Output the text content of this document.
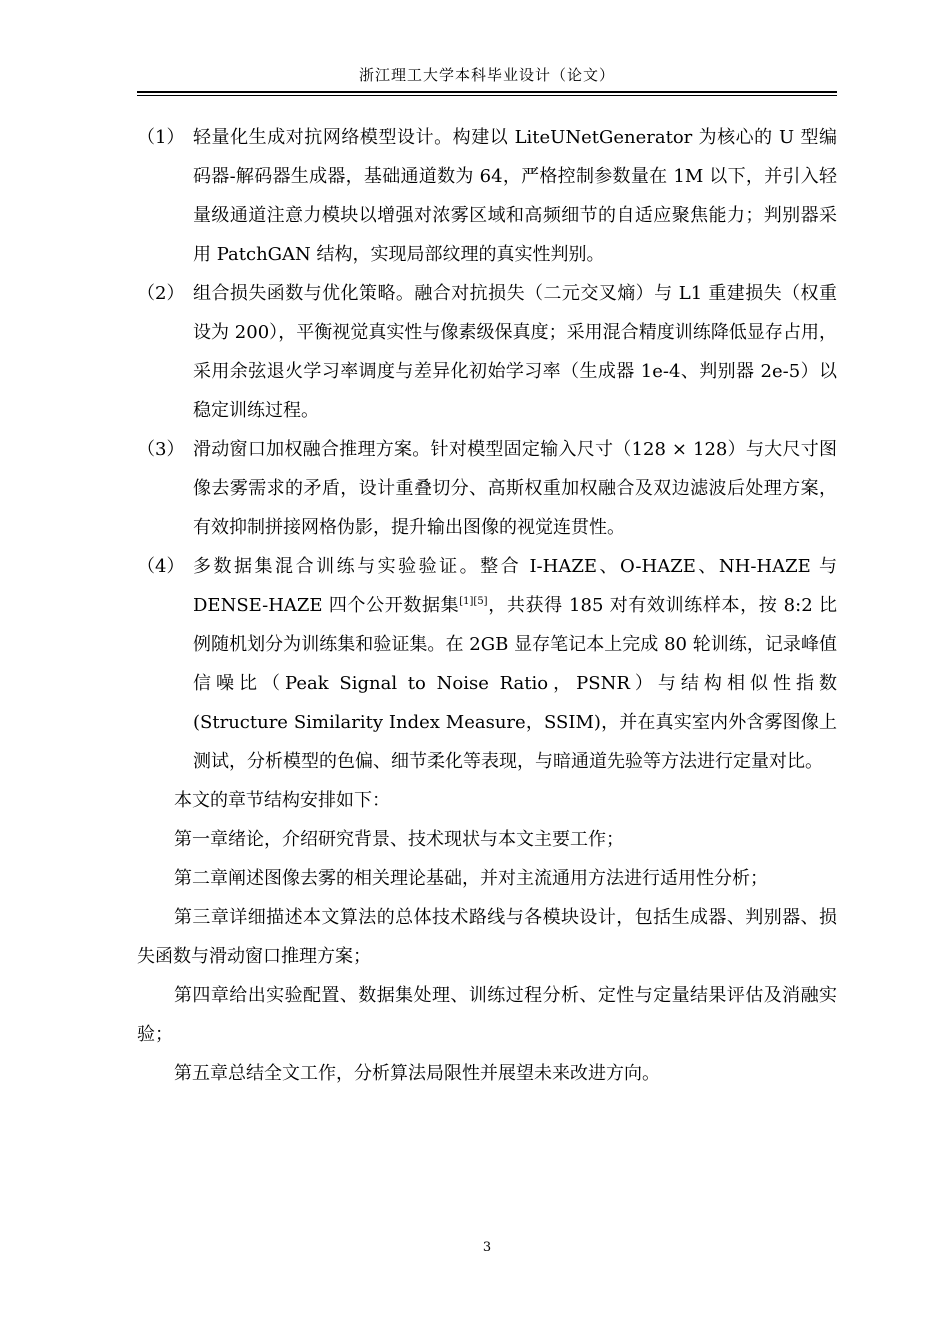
浙江理工大学本科毕业设计（论文）
（1） 轻量化生成对抗网络模型设计。构建以 LiteUNetGenerator 为核心的 U 型编码器-解码器生成器，基础通道数为 64，严格控制参数量在 1M 以下，并引入轻量级通道注意力模块以增强对浓雾区域和高频细节的自适应聚焦能力；判别器采用 PatchGAN 结构，实现局部纹理的真实性判别。
（2） 组合损失函数与优化策略。融合对抗损失（二元交叉熵）与 L1 重建损失（权重设为 200），平衡视觉真实性与像素级保真度；采用混合精度训练降低显存占用，采用余弦退火学习率调度与差异化初始学习率（生成器 1e-4、判别器 2e-5）以稳定训练过程。
（3） 滑动窗口加权融合推理方案。针对模型固定输入尺寸（128 × 128）与大尺寸图像去雾需求的矛盾，设计重叠切分、高斯权重加权融合及双边滤波后处理方案，有效抑制拼接网格伪影，提升输出图像的视觉连贯性。
（4） 多数据集混合训练与实验验证。整合 I-HAZE、O-HAZE、NH-HAZE 与 DENSE-HAZE 四个公开数据集[1][5]，共获得 185 对有效训练样本，按 8:2 比例随机划分为训练集和验证集。在 2GB 显存笔记本上完成 80 轮训练，记录峰值信噪比（Peak Signal to Noise Ratio，PSNR）与结构相似性指数 (Structure Similarity Index Measure，SSIM)，并在真实室内外含雾图像上测试，分析模型的色偏、细节柔化等表现，与暗通道先验等方法进行定量对比。

本文的章节结构安排如下：

第一章绪论，介绍研究背景、技术现状与本文主要工作；

第二章阐述图像去雾的相关理论基础，并对主流通用方法进行适用性分析；

第三章详细描述本文算法的总体技术路线与各模块设计，包括生成器、判别器、损失函数与滑动窗口推理方案；

第四章给出实验配置、数据集处理、训练过程分析、定性与定量结果评估及消融实验；

第五章总结全文工作，分析算法局限性并展望未来改进方向。

3
